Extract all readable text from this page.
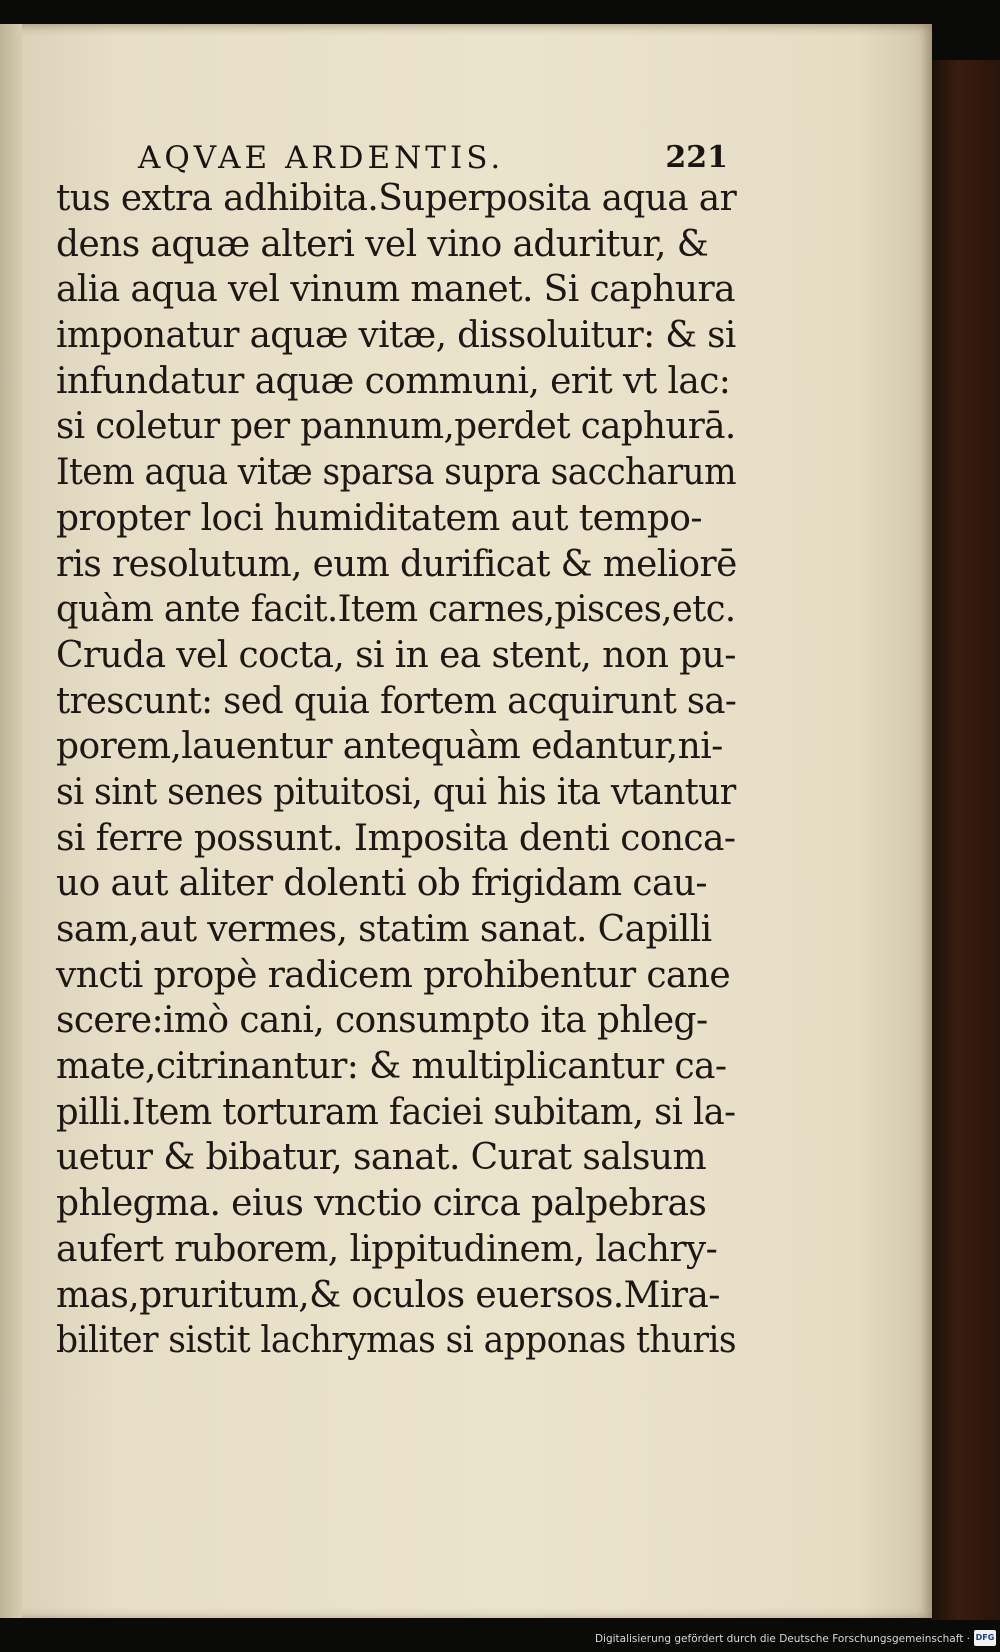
AQVAE ARDENTIS.	221
tus extra adhibita.Superposita aqua ar
dens aquæ alteri vel vino aduritur, &
alia aqua vel vinum manet. Si caphura
imponatur aquæ vitæ, dissoluitur: & si
infundatur aquæ communi, erit vt lac:
si coletur per pannum,perdet caphurā.
Item aqua vitæ sparsa supra saccharum
propter loci humiditatem aut tempo-
ris resolutum, eum durificat & meliorē
quàm ante facit.Item carnes,pisces,etc.
Cruda vel cocta, si in ea stent, non pu-
trescunt: sed quia fortem acquirunt sa-
porem,lauentur antequàm edantur,ni-
si sint senes pituitosi, qui his ita vtantur
si ferre possunt. Imposita denti conca-
uo aut aliter dolenti ob frigidam cau-
sam,aut vermes, statim sanat. Capilli
vncti propè radicem prohibentur cane
scere:imò cani, consumpto ita phleg-
mate,citrinantur: & multiplicantur ca-
pilli.Item torturam faciei subitam, si la-
uetur & bibatur, sanat. Curat salsum
phlegma. eius vnctio circa palpebras
aufert ruborem, lippitudinem, lachry-
mas,pruritum,& oculos euersos.Mira-
biliter sistit lachrymas si apponas thuris
Digitalisierung gefördert durch die Deutsche Forschungsgemeinschaft · DFG
